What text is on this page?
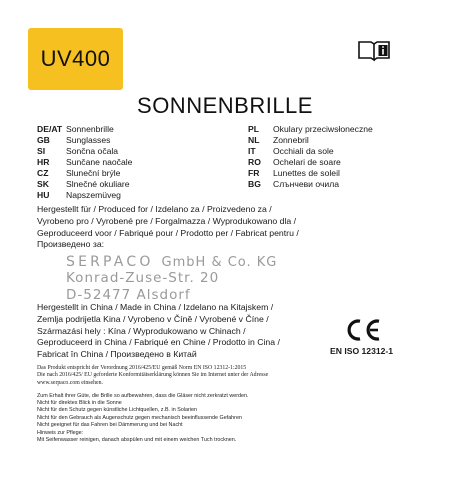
UV400
SONNENBRILLE
DE/AT Sonnenbrille
GB	Sunglasses
SI	Sončna očala
HR	Sunčane naočale
CZ	Sluneční brýle
SK	Slnečné okuliare
HU	Napszemüveg
PL	Okulary przeciwsłoneczne
NL	Zonnebril
IT	Occhiali da sole
RO	Ochelari de soare
FR	Lunettes de soleil
BG	Слънчеви очила
Hergestellt für / Produced for / Izdelano za / Proizvedeno za /
Vyrobeno pro / Vyrobené pre / Forgalmazza / Wyprodukowano dla /
Geproduceerd voor / Fabriqué pour / Prodotto per / Fabricat pentru /
Произведено за:
SERPACO GmbH & Co. KG
Konrad-Zuse-Str. 20
D-52477 Alsdorf
Hergestellt in China / Made in China / Izdelano na Kitajskem /
Zemlja podrijetla Kina / Vyrobeno v Číně / Vyrobené v Číne /
Származási hely : Kína / Wyprodukowano w Chinach /
Geproduceerd in China / Fabriqué en Chine / Prodotto in Cina /
Fabricat în China / Произведено в Китай	EN ISO 12312-1
Das Produkt entspricht der Verordnung 2016/425/EU gemäß Norm EN ISO 12312-1:2015
Die nach 2016/425/ EU geforderte Konformitätserklärung können Sie im Internet unter der Adresse
www.serpaco.com einsehen.
Zum Erhalt ihrer Güte, die Brille so aufbewahren, dass die Gläser nicht zerkratzt werden.
Nicht für direktes Blick in die Sonne
Nicht für den Schutz gegen künstliche Lichtquellen, z.B. in Solarien
Nicht für den Gebrauch als Augenschutz gegen mechanisch beeinflussende Gefahren
Nicht geeignet für das Fahren bei Dämmerung und bei Nacht
Hinweis zur Pflege:
Mit Seifenwasser reinigen, danach abspülen und mit einem weichen Tuch trocknen.
